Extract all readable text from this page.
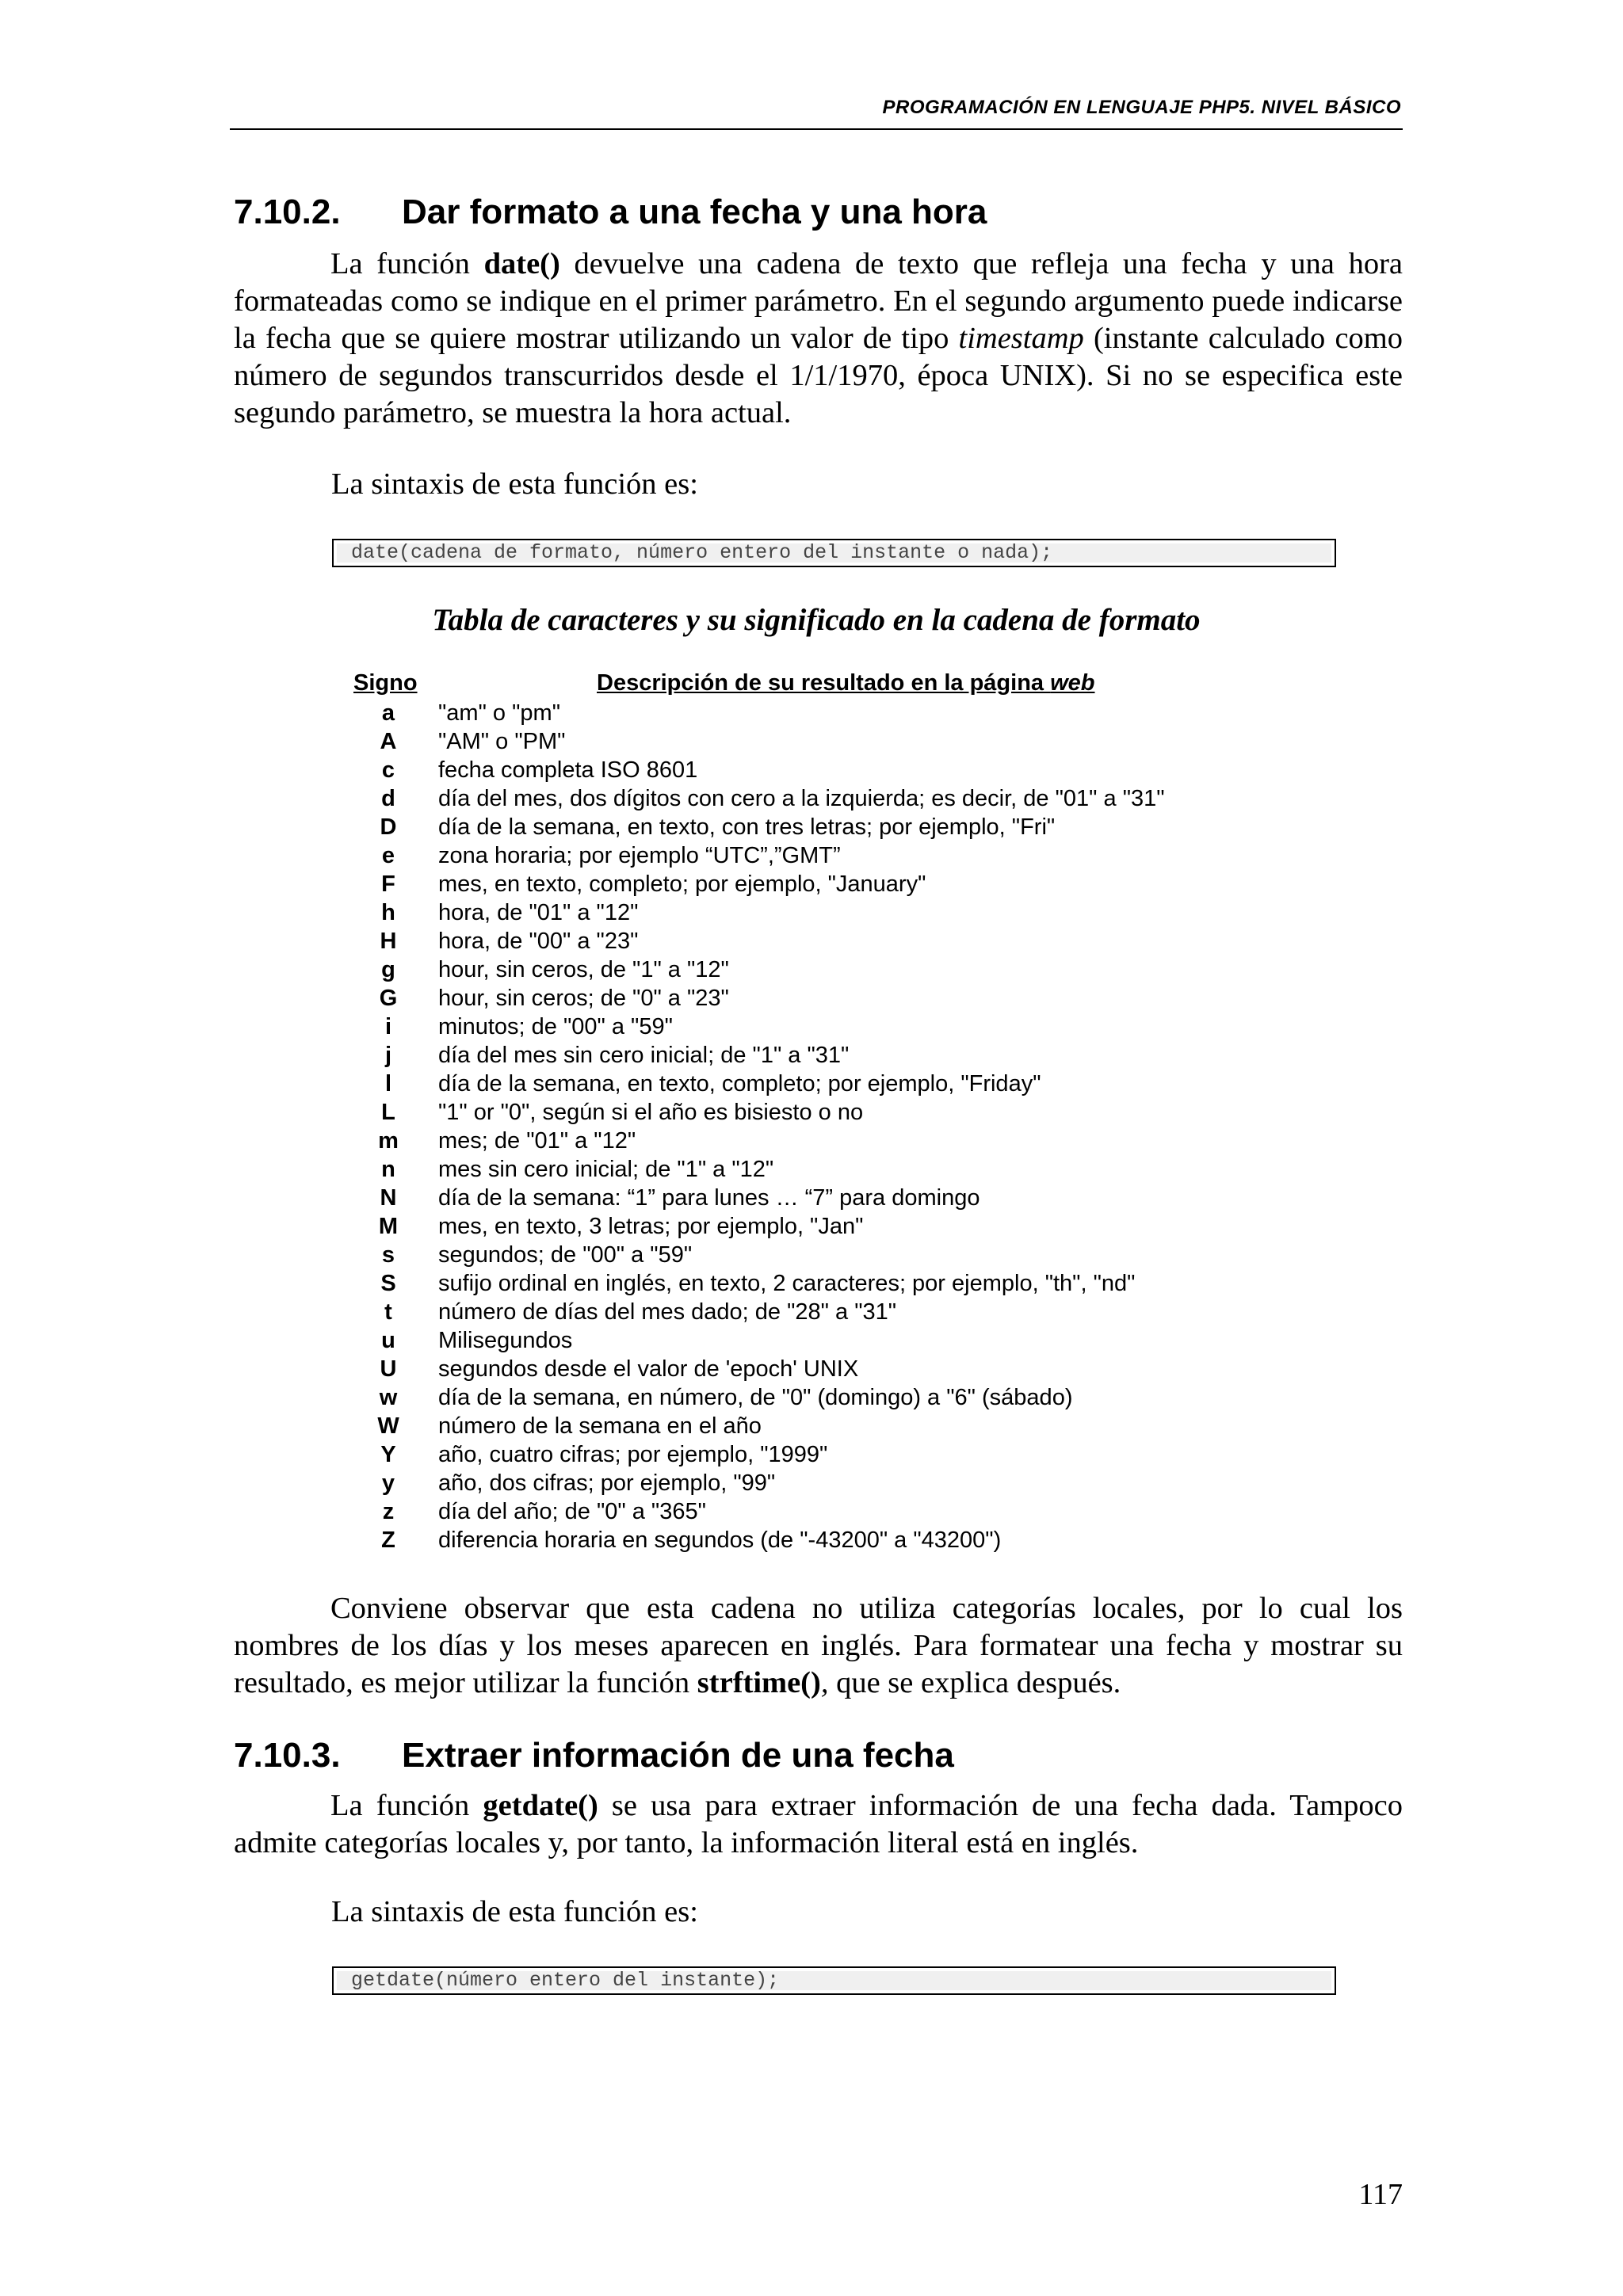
PROGRAMACIÓN EN LENGUAJE PHP5. NIVEL BÁSICO
7.10.2. Dar formato a una fecha y una hora

La función date() devuelve una cadena de texto que refleja una fecha y una hora formateadas como se indique en el primer parámetro. En el segundo argumento puede indicarse la fecha que se quiere mostrar utilizando un valor de tipo timestamp (instante calculado como número de segundos transcurridos desde el 1/1/1970, época UNIX). Si no se especifica este segundo parámetro, se muestra la hora actual.

La sintaxis de esta función es:
date(cadena de formato, número entero del instante o nada);
Tabla de caracteres y su significado en la cadena de formato
Signo	Descripción de su resultado en la página web
a	"am" o "pm"
A	"AM" o "PM"
c	fecha completa ISO 8601
d	día del mes, dos dígitos con cero a la izquierda; es decir, de "01" a "31"
D	día de la semana, en texto, con tres letras; por ejemplo, "Fri"
e	zona horaria; por ejemplo “UTC”,”GMT”
F	mes, en texto, completo; por ejemplo, "January"
h	hora, de "01" a "12"
H	hora, de "00" a "23"
g	hour, sin ceros, de "1" a "12"
G	hour, sin ceros; de "0" a "23"
i	minutos; de "00" a "59"
j	día del mes sin cero inicial; de "1" a "31"
l	día de la semana, en texto, completo; por ejemplo, "Friday"
L	"1" or "0", según si el año es bisiesto o no
m	mes; de "01" a "12"
n	mes sin cero inicial; de "1" a "12"
N	día de la semana: “1” para lunes … “7” para domingo
M	mes, en texto, 3 letras; por ejemplo, "Jan"
s	segundos; de "00" a "59"
S	sufijo ordinal en inglés, en texto, 2 caracteres; por ejemplo, "th", "nd"
t	número de días del mes dado; de "28" a "31"
u	Milisegundos
U	segundos desde el valor de 'epoch' UNIX
w	día de la semana, en número, de "0" (domingo) a "6" (sábado)
W	número de la semana en el año
Y	año, cuatro cifras; por ejemplo, "1999"
y	año, dos cifras; por ejemplo, "99"
z	día del año; de "0" a "365"
Z	diferencia horaria en segundos (de "-43200" a "43200")

Conviene observar que esta cadena no utiliza categorías locales, por lo cual los nombres de los días y los meses aparecen en inglés. Para formatear una fecha y mostrar su resultado, es mejor utilizar la función strftime(), que se explica después.

7.10.3. Extraer información de una fecha

La función getdate() se usa para extraer información de una fecha dada. Tampoco admite categorías locales y, por tanto, la información literal está en inglés.

La sintaxis de esta función es:
getdate(número entero del instante);
117
